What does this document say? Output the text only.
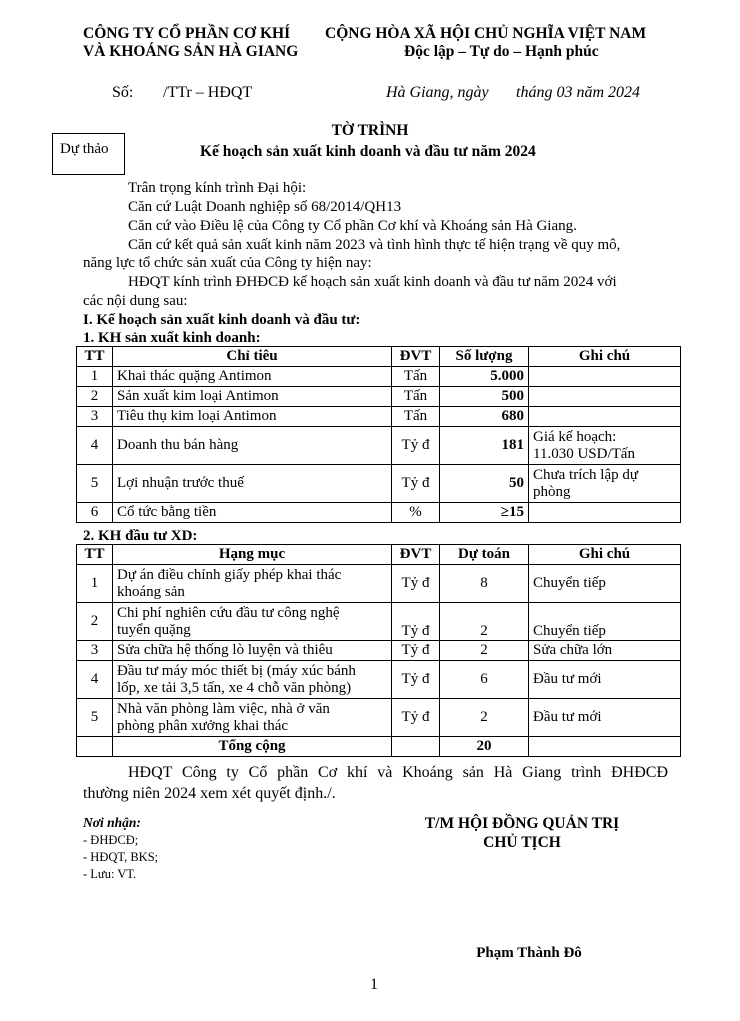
CÔNG TY CỔ PHẦN CƠ KHÍ
VÀ KHOÁNG SẢN HÀ GIANG
CỘNG HÒA XÃ HỘI CHỦ NGHĨA VIỆT NAM
Độc lập – Tự do – Hạnh phúc
Số: /TTr – HĐQT	Hà Giang, ngày tháng 03 năm 2024
Dự thảo
TỜ TRÌNH
Kế hoạch sản xuất kinh doanh và đầu tư năm 2024
Trân trọng kính trình Đại hội:
Căn cứ Luật Doanh nghiệp số 68/2014/QH13
Căn cứ vào Điều lệ của Công ty Cổ phần Cơ khí và Khoáng sản Hà Giang.
Căn cứ kết quả sản xuất kinh năm 2023 và tình hình thực tế hiện trạng về quy mô,
năng lực tổ chức sản xuất của Công ty hiện nay:
HĐQT kính trình ĐHĐCĐ kế hoạch sản xuất kinh doanh và đầu tư năm 2024 với
các nội dung sau:
I. Kế hoạch sản xuất kinh doanh và đầu tư:
1. KH sản xuất kinh doanh:
TT	Chỉ tiêu	ĐVT	Số lượng	Ghi chú
1	Khai thác quặng Antimon	Tấn	5.000	
2	Sản xuất kim loại Antimon	Tấn	500	
3	Tiêu thụ kim loại Antimon	Tấn	680	
4	Doanh thu bán hàng	Tỷ đ	181	Giá kế hoạch:
11.030 USD/Tấn

5	Lợi nhuận trước thuế	Tỷ đ	50	Chưa trích lập dự
phòng

6	Cổ tức bằng tiền	%	≥15	
2. KH đầu tư XD:
TT	Hạng mục	ĐVT	Dự toán	Ghi chú
1	Dự án điều chỉnh giấy phép khai thác
khoáng sản	Tỷ đ	8	Chuyển tiếp
2	Chi phí nghiên cứu đầu tư công nghệ
tuyển quặng	Tỷ đ	2	Chuyển tiếp
3	Sửa chữa hệ thống lò luyện và thiêu	Tỷ đ	2	Sửa chữa lớn
4	Đầu tư máy móc thiết bị (máy xúc bánh
lốp, xe tải 3,5 tấn, xe 4 chỗ văn phòng)	Tỷ đ	6	Đầu tư mới
5	Nhà văn phòng làm việc, nhà ở văn
phòng phân xưởng khai thác	Tỷ đ	2	Đầu tư mới
	Tổng cộng		20	
HĐQT Công ty Cổ phần Cơ khí và Khoáng sản Hà Giang trình ĐHĐCĐ
thường niên 2024 xem xét quyết định./.
Nơi nhận:
- ĐHĐCĐ;
- HĐQT, BKS;
- Lưu: VT.
T/M HỘI ĐỒNG QUẢN TRỊ
CHỦ TỊCH
Phạm Thành Đô
1
